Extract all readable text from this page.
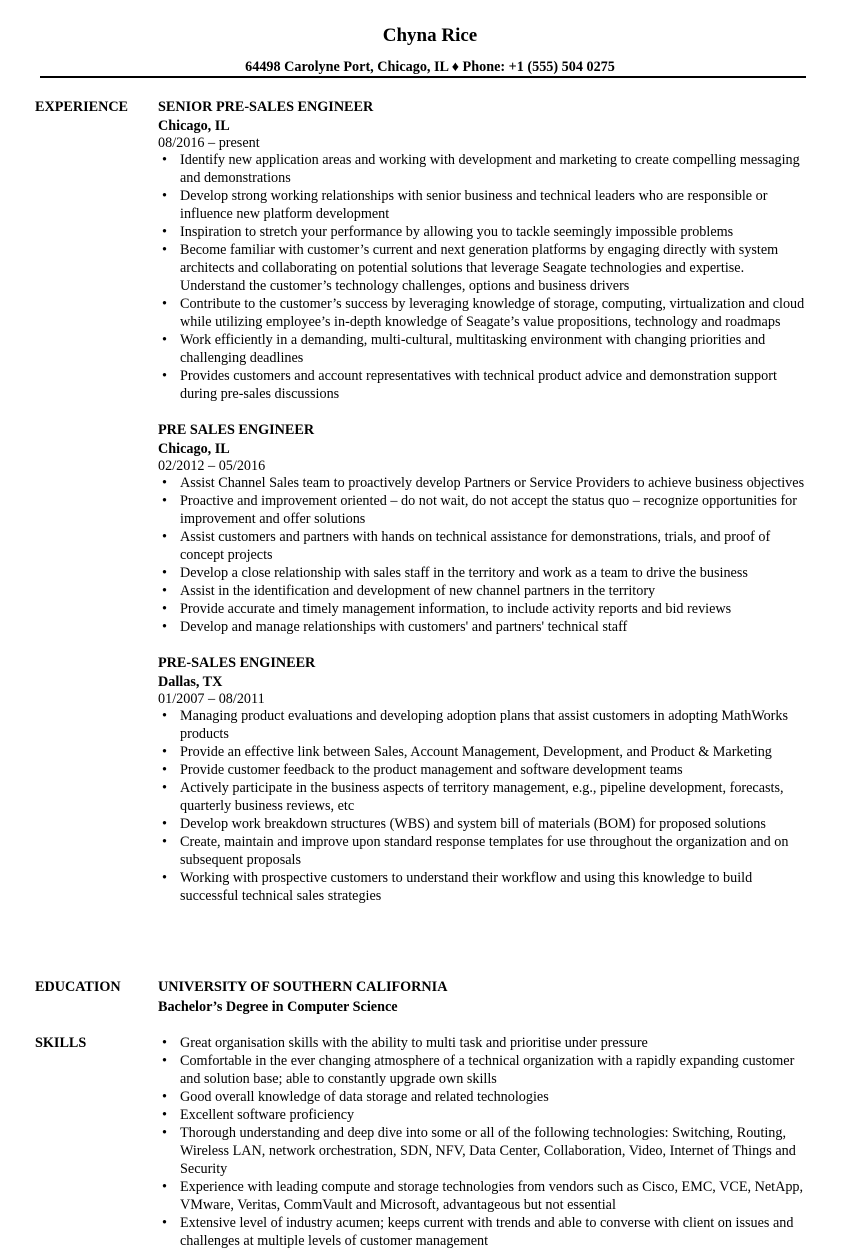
Chyna Rice
64498 Carolyne Port, Chicago, IL ♦ Phone: +1 (555) 504 0275
EXPERIENCE SENIOR PRE-SALES ENGINEER
Chicago, IL
08/2016 – present
• Identify new application areas and working with development and marketing to create compelling messaging and demonstrations
• Develop strong working relationships with senior business and technical leaders who are responsible or influence new platform development
• Inspiration to stretch your performance by allowing you to tackle seemingly impossible problems
• Become familiar with customer’s current and next generation platforms by engaging directly with system architects and collaborating on potential solutions that leverage Seagate technologies and expertise. Understand the customer’s technology challenges, options and business drivers
• Contribute to the customer’s success by leveraging knowledge of storage, computing, virtualization and cloud while utilizing employee’s in-depth knowledge of Seagate’s value propositions, technology and roadmaps
• Work efficiently in a demanding, multi-cultural, multitasking environment with changing priorities and challenging deadlines
• Provides customers and account representatives with technical product advice and demonstration support during pre-sales discussions
PRE SALES ENGINEER
Chicago, IL
02/2012 – 05/2016
• Assist Channel Sales team to proactively develop Partners or Service Providers to achieve business objectives
• Proactive and improvement oriented – do not wait, do not accept the status quo – recognize opportunities for improvement and offer solutions
• Assist customers and partners with hands on technical assistance for demonstrations, trials, and proof of concept projects
• Develop a close relationship with sales staff in the territory and work as a team to drive the business
• Assist in the identification and development of new channel partners in the territory
• Provide accurate and timely management information, to include activity reports and bid reviews
• Develop and manage relationships with customers' and partners' technical staff
PRE-SALES ENGINEER
Dallas, TX
01/2007 – 08/2011
• Managing product evaluations and developing adoption plans that assist customers in adopting MathWorks products
• Provide an effective link between Sales, Account Management, Development, and Product & Marketing
• Provide customer feedback to the product management and software development teams
• Actively participate in the business aspects of territory management, e.g., pipeline development, forecasts, quarterly business reviews, etc
• Develop work breakdown structures (WBS) and system bill of materials (BOM) for proposed solutions
• Create, maintain and improve upon standard response templates for use throughout the organization and on subsequent proposals
• Working with prospective customers to understand their workflow and using this knowledge to build successful technical sales strategies
EDUCATION	UNIVERSITY OF SOUTHERN CALIFORNIA
Bachelor’s Degree in Computer Science
SKILLS	• Great organisation skills with the ability to multi task and prioritise under pressure
• Comfortable in the ever changing atmosphere of a technical organization with a rapidly expanding customer and solution base; able to constantly upgrade own skills
• Good overall knowledge of data storage and related technologies
• Excellent software proficiency
• Thorough understanding and deep dive into some or all of the following technologies: Switching, Routing, Wireless LAN, network orchestration, SDN, NFV, Data Center, Collaboration, Video, Internet of Things and Security
• Experience with leading compute and storage technologies from vendors such as Cisco, EMC, VCE, NetApp, VMware, Veritas, CommVault and Microsoft, advantageous but not essential
• Extensive level of industry acumen; keeps current with trends and able to converse with client on issues and challenges at multiple levels of customer management
